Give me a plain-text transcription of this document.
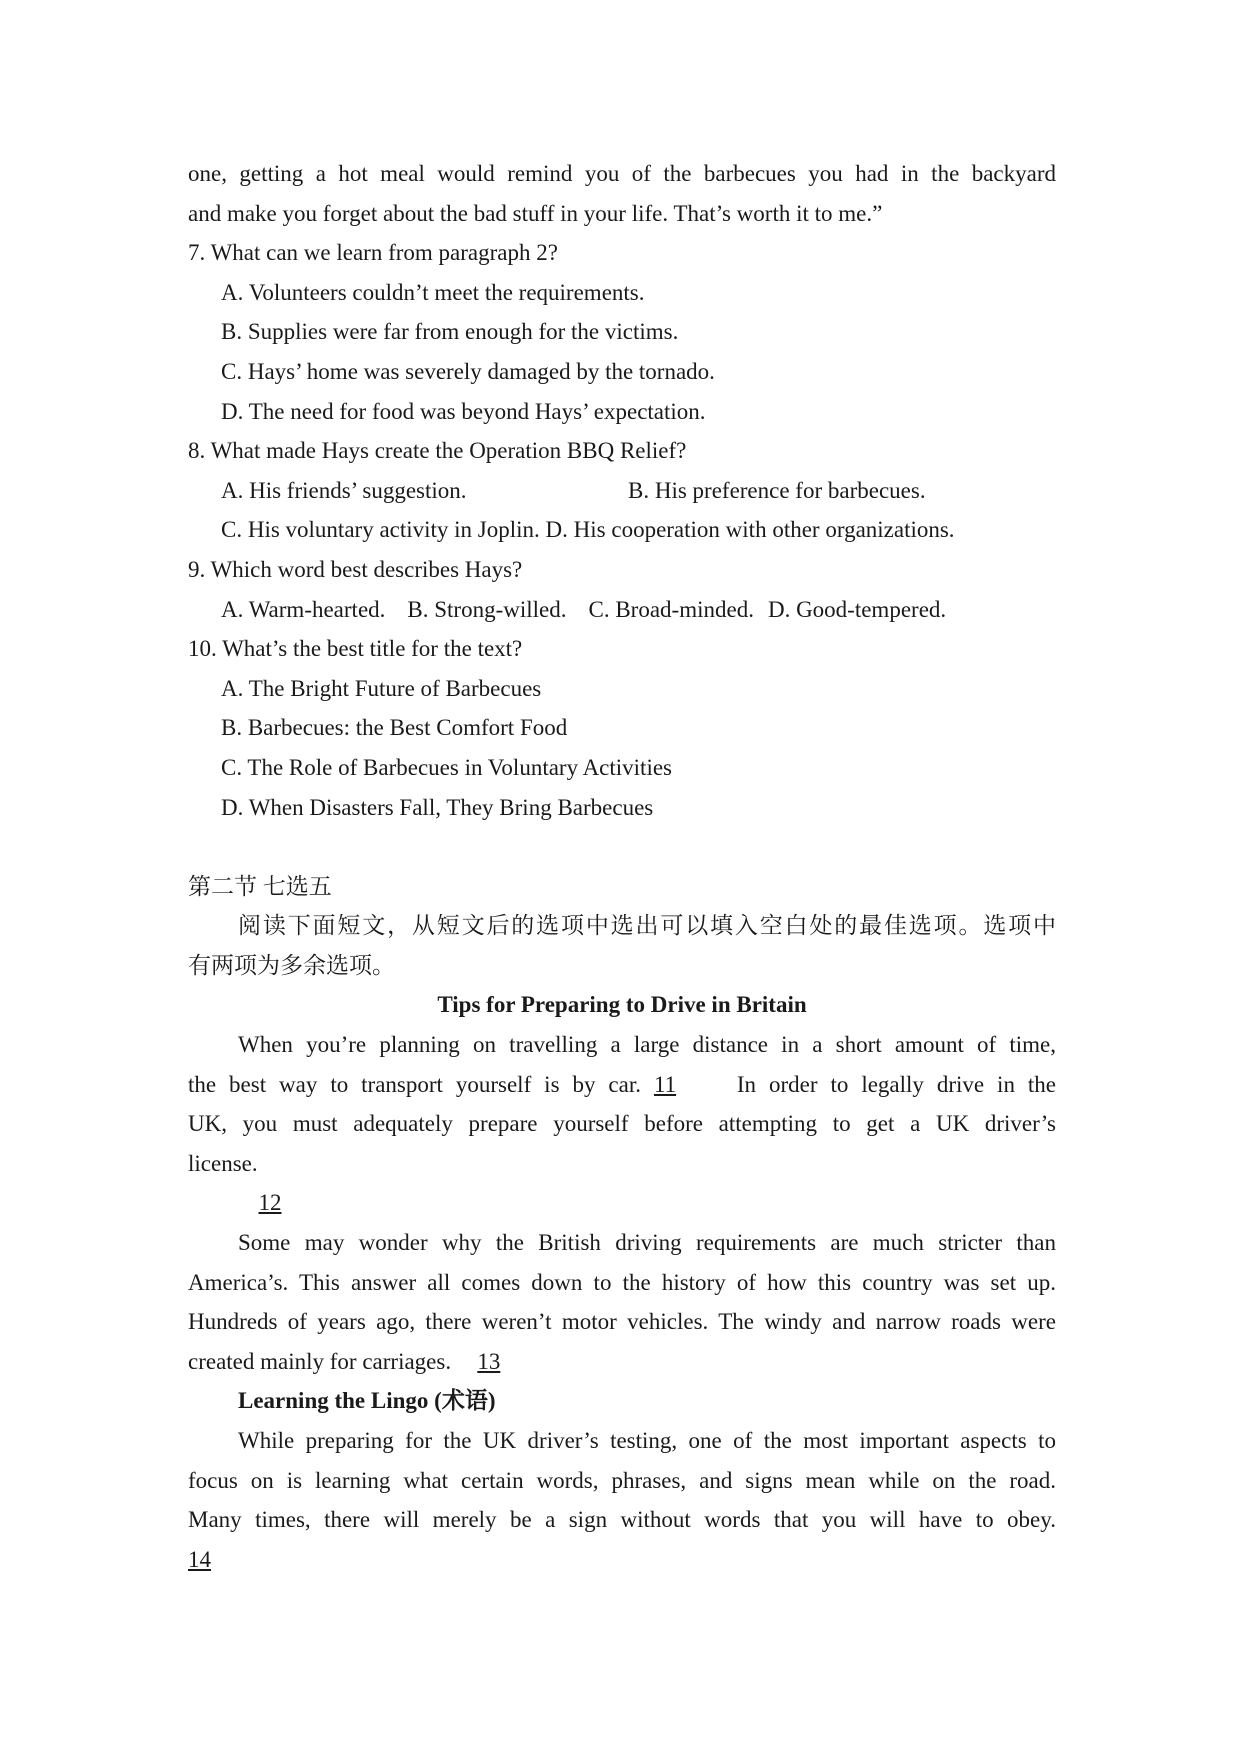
one, getting a hot meal would remind you of the barbecues you had in the backyard
and make you forget about the bad stuff in your life. That’s worth it to me.”
7. What can we learn from paragraph 2?
A. Volunteers couldn’t meet the requirements.
B. Supplies were far from enough for the victims.
C. Hays’ home was severely damaged by the tornado.
D. The need for food was beyond Hays’ expectation.
8. What made Hays create the Operation BBQ Relief?
A. His friends’ suggestion.	B. His preference for barbecues.
C. His voluntary activity in Joplin. D. His cooperation with other organizations.
9. Which word best describes Hays?
A. Warm-hearted. B. Strong-willed. C. Broad-minded. D. Good-tempered.
10. What’s the best title for the text?
A. The Bright Future of Barbecues
B. Barbecues: the Best Comfort Food
C. The Role of Barbecues in Voluntary Activities
D. When Disasters Fall, They Bring Barbecues
第二节 七选五
阅读下面短文，从短文后的选项中选出可以填入空白处的最佳选项。选项中
有两项为多余选项。
Tips for Preparing to Drive in Britain
When you’re planning on travelling a large distance in a short amount of time,
the best way to transport yourself is by car. 11	In order to legally drive in the
UK, you must adequately prepare yourself before attempting to get a UK driver’s
license.
12
Some may wonder why the British driving requirements are much stricter than
America’s. This answer all comes down to the history of how this country was set up.
Hundreds of years ago, there weren’t motor vehicles. The windy and narrow roads were
created mainly for carriages. 13
Learning the Lingo (术语)
While preparing for the UK driver’s testing, one of the most important aspects to
focus on is learning what certain words, phrases, and signs mean while on the road.
Many times, there will merely be a sign without words that you will have to obey.
14
